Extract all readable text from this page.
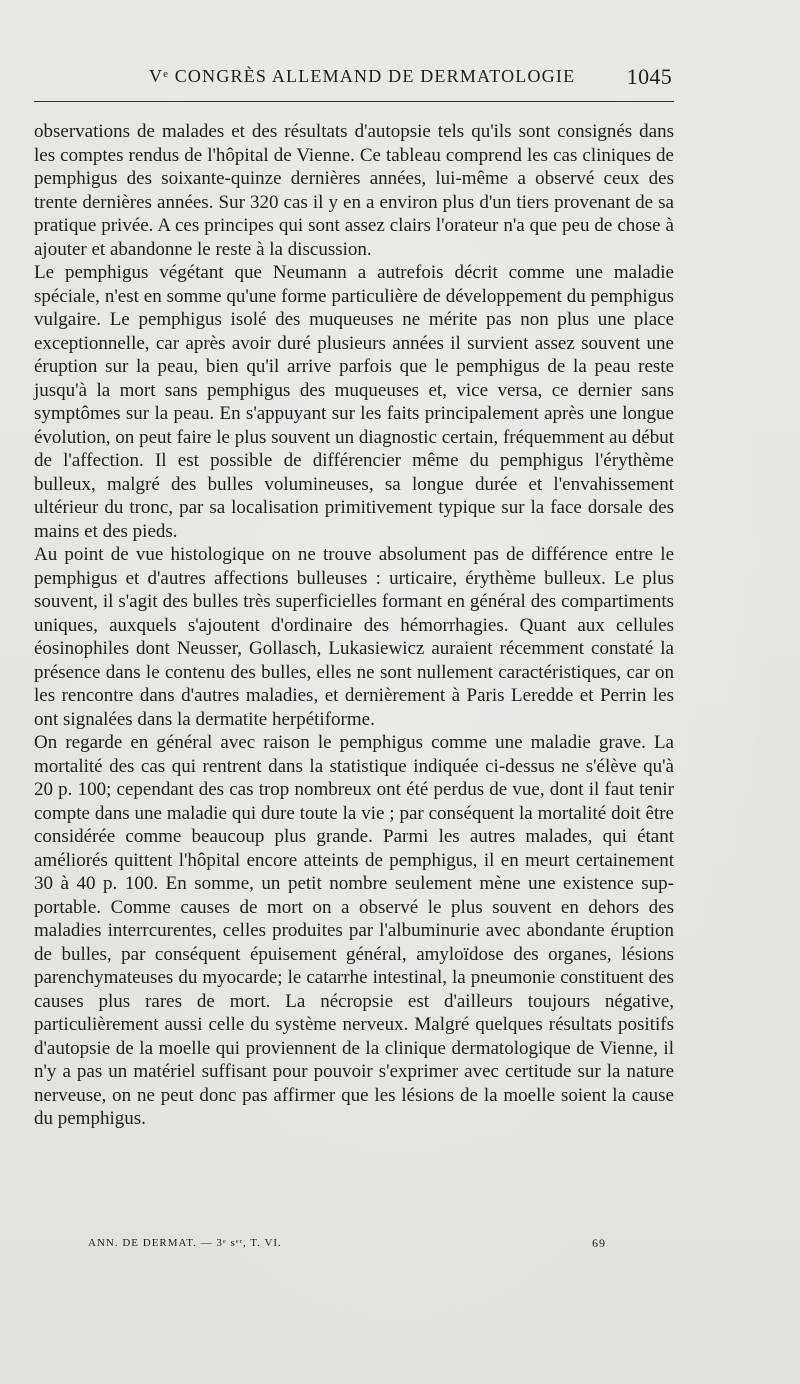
Vᵉ CONGRÈS ALLEMAND DE DERMATOLOGIE 1045

observations de malades et des résultats d'autopsie tels qu'ils sont consignés dans les comptes rendus de l'hôpital de Vienne. Ce tableau comprend les cas cliniques de pemphigus des soixante-quinze dernières années, lui-même a observé ceux des trente dernières années. Sur 320 cas il y en a environ plus d'un tiers provenant de sa pratique privée. A ces principes qui sont assez clairs l'orateur n'a que peu de chose à ajouter et abandonne le reste à la discussion.

Le pemphigus végétant que Neumann a autrefois décrit comme une maladie spéciale, n'est en somme qu'une forme particulière de développement du pemphigus vulgaire. Le pemphigus isolé des muqueuses ne mérite pas non plus une place exceptionnelle, car après avoir duré plusieurs années il survient assez souvent une éruption sur la peau, bien qu'il arrive parfois que le pemphigus de la peau reste jusqu'à la mort sans pemphigus des muqueuses et, vice versa, ce dernier sans symptômes sur la peau. En s'appuyant sur les faits principalement après une longue évolution, on peut faire le plus souvent un diagnostic certain, fréquemment au début de l'affection. Il est possible de différencier même du pemphigus l'érythème bulleux, malgré des bulles volumineuses, sa longue durée et l'envahissement ultérieur du tronc, par sa localisation primitivement typique sur la face dorsale des mains et des pieds.

Au point de vue histologique on ne trouve absolument pas de différence entre le pemphigus et d'autres affections bulleuses : urticaire, érythème bulleux. Le plus souvent, il s'agit des bulles très superficielles formant en général des compartiments uniques, auxquels s'ajoutent d'ordinaire des hémorrhagies. Quant aux cellules éosinophiles dont Neusser, Gollasch, Lukasiewicz auraient récemment constaté la présence dans le contenu des bulles, elles ne sont nullement caractéristiques, car on les rencontre dans d'autres maladies, et dernièrement à Paris Leredde et Perrin les ont signalées dans la dermatite herpétiforme.

On regarde en général avec raison le pemphigus comme une maladie grave. La mortalité des cas qui rentrent dans la statistique indiquée ci-dessus ne s'élève qu'à 20 p. 100; cependant des cas trop nombreux ont été perdus de vue, dont il faut tenir compte dans une maladie qui dure toute la vie ; par conséquent la mortalité doit être considérée comme beaucoup plus grande. Parmi les autres malades, qui étant améliorés quittent l'hôpital encore atteints de pemphigus, il en meurt certainement 30 à 40 p. 100. En somme, un petit nombre seulement mène une existence supportable. Comme causes de mort on a observé le plus souvent en dehors des maladies interrcurentes, celles produites par l'albuminurie avec abondante éruption de bulles, par conséquent épuisement général, amyloïdose des organes, lésions parenchymateuses du myocarde; le catarrhe intestinal, la pneumonie constituent des causes plus rares de mort. La nécropsie est d'ailleurs toujours négative, particulièrement aussi celle du système nerveux. Malgré quelques résultats positifs d'autopsie de la moelle qui proviennent de la clinique dermatologique de Vienne, il n'y a pas un matériel suffisant pour pouvoir s'exprimer avec certitude sur la nature nerveuse, on ne peut donc pas affirmer que les lésions de la moelle soient la cause du pemphigus.

ANN. DE DERMAT. — 3ᵉ sᵉʳ, T. VI.	69
